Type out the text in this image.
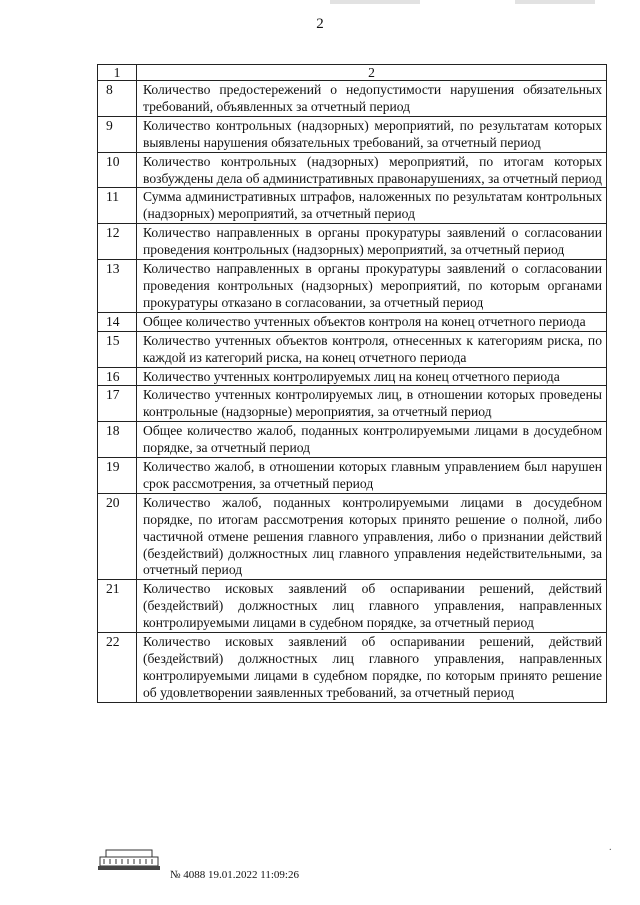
2
1	2
8	Количество предостережений о недопустимости нарушения обязательных требований, объявленных за отчетный период
9	Количество контрольных (надзорных) мероприятий, по результатам которых выявлены нарушения обязательных требований, за отчетный период
10	Количество контрольных (надзорных) мероприятий, по итогам которых возбуждены дела об административных правонарушениях, за отчетный период
11	Сумма административных штрафов, наложенных по результатам контрольных (надзорных) мероприятий, за отчетный период
12	Количество направленных в органы прокуратуры заявлений о согласовании проведения контрольных (надзорных) мероприятий, за отчетный период
13	Количество направленных в органы прокуратуры заявлений о согласовании проведения контрольных (надзорных) мероприятий, по которым органами прокуратуры отказано в согласовании, за отчетный период
14	Общее количество учтенных объектов контроля на конец отчетного периода
15	Количество учтенных объектов контроля, отнесенных к категориям риска, по каждой из категорий риска, на конец отчетного периода
16	Количество учтенных контролируемых лиц на конец отчетного периода
17	Количество учтенных контролируемых лиц, в отношении которых проведены контрольные (надзорные) мероприятия, за отчетный период
18	Общее количество жалоб, поданных контролируемыми лицами в досудебном порядке, за отчетный период
19	Количество жалоб, в отношении которых главным управлением был нарушен срок рассмотрения, за отчетный период
20	Количество жалоб, поданных контролируемыми лицами в досудебном порядке, по итогам рассмотрения которых принято решение о полной, либо частичной отмене решения главного управления, либо о признании действий (бездействий) должностных лиц главного управления недействительными, за отчетный период
21	Количество исковых заявлений об оспаривании решений, действий (бездействий) должностных лиц главного управления, направленных контролируемыми лицами в судебном порядке, за отчетный период
22	Количество исковых заявлений об оспаривании решений, действий (бездействий) должностных лиц главного управления, направленных контролируемыми лицами в судебном порядке, по которым принято решение об удовлетворении заявленных требований, за отчетный период
№ 4088 19.01.2022 11:09:26
·
